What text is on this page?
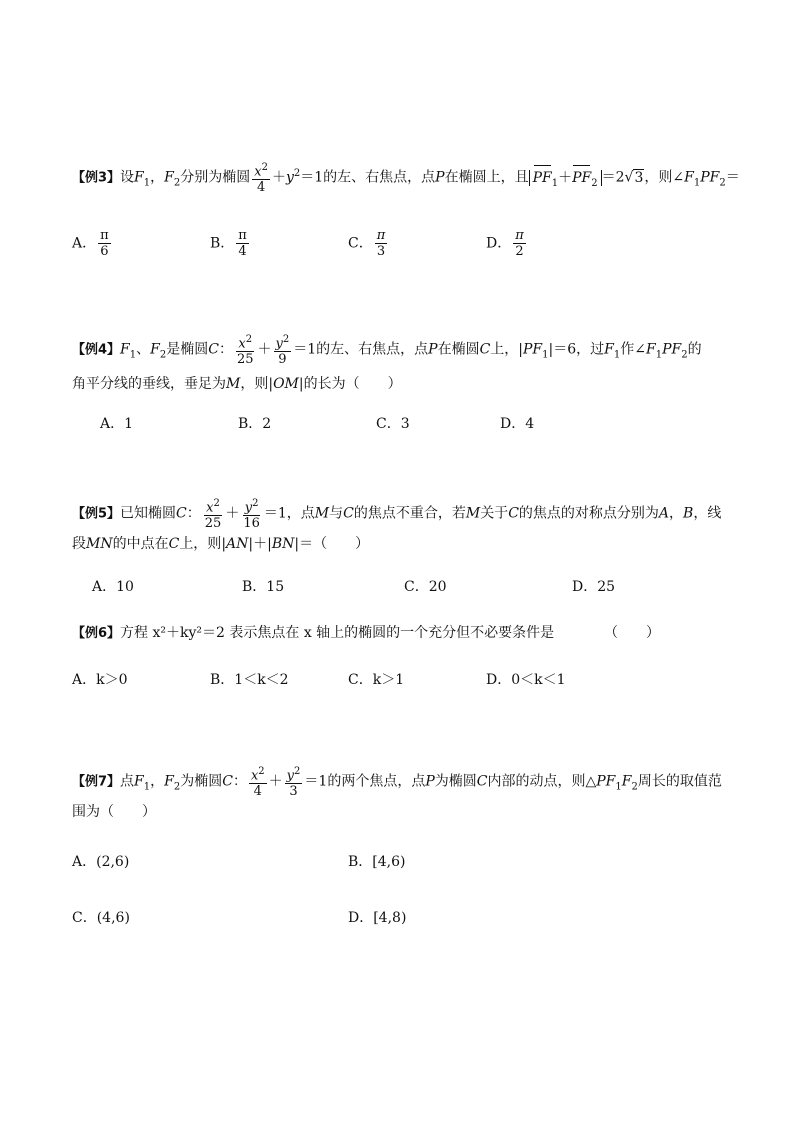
【例3】设$F_1$，$F_2$分别为椭圆 $\frac{x^2}{4} +y^2=1$的左、右焦点，点P在椭圆上，且 $PF_1+PF_2 =2√3$，则$\angle F_1PF_2=$
A． $\frac{\pi}{6}$	B． $\frac{\pi}{4}$	C． $\frac{\pi}{3}$	D． $\frac{\pi}{2}$
【例4】$F_1$、$F_2$是椭圆C： $\frac{x^2}{25} + \frac{y^2}{9} =1$的左、右焦点，点P在椭圆C上，$|PF_1|=6$，过$F_1$作$\angle F_1PF_2$的
角平分线的垂线，垂足为M，则|OM|的长为（　　）
A．1	B．2	C．3	D．4
【例5】已知椭圆C： $\frac{x^2}{25} + \frac{y^2}{16} =1$，点M与C的焦点不重合，若M关于C的焦点的对称点分别为A，B，线
段MN的中点在C上，则|AN|＋|BN|＝（　　）
A．10	B．15	C．20	D．25
【例6】方程 x²＋ky²＝2 表示焦点在 x 轴上的椭圆的一个充分但不必要条件是	（　　）
A．k＞0	B．1＜k＜2	C．k＞1	D．0＜k＜1
【例7】点$F_1$，$F_2$为椭圆C： $\frac{x^2}{4} + \frac{y^2}{3} =1$的两个焦点，点P为椭圆C内部的动点，则$\triangle PF_1F_2$周长的取值范
围为（　　）
A．(2,6)	B．[4,6)
C．(4,6)	D．[4,8)
